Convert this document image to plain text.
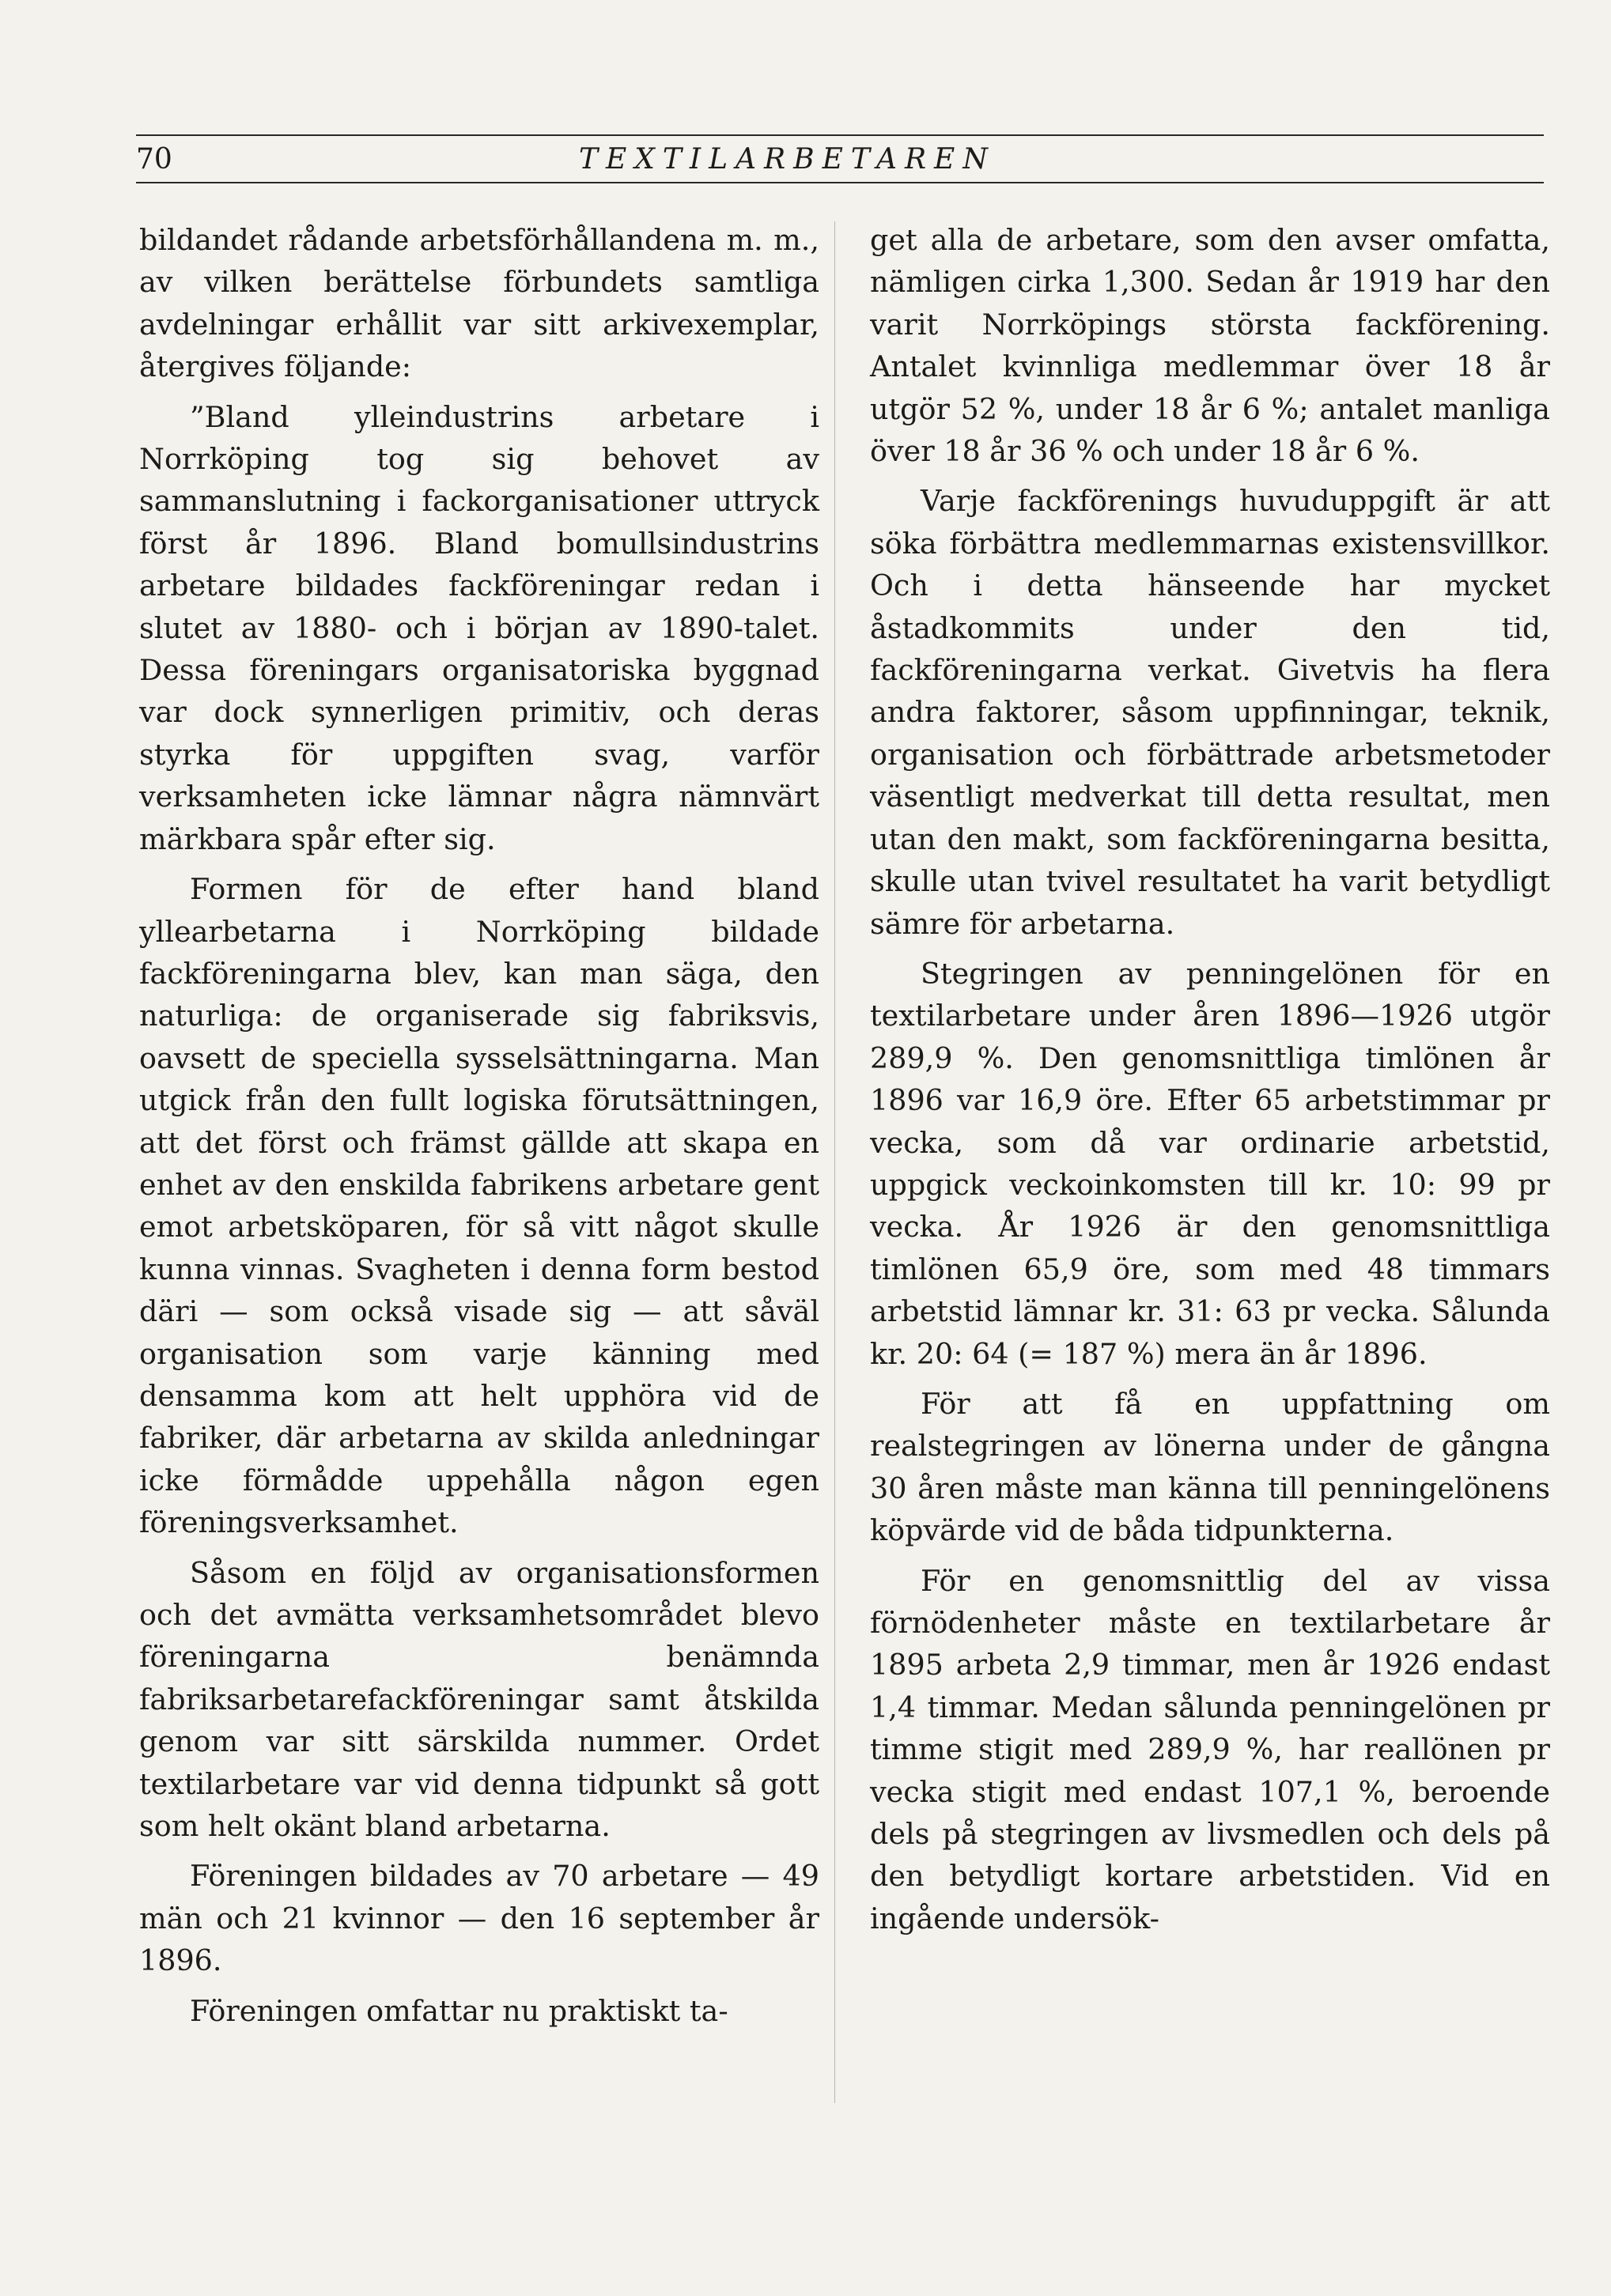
70	TEXTILARBETAREN

bildandet rådande arbetsförhållandena m. m., av vilken berättelse förbundets samtliga avdelningar erhållit var sitt arkivexemplar, återgives följande:

”Bland ylleindustrins arbetare i Norrköping tog sig behovet av sammanslutning i fackorganisationer uttryck först år 1896. Bland bomullsindustrins arbetare bildades fackföreningar redan i slutet av 1880- och i början av 1890-talet. Dessa föreningars organisatoriska byggnad var dock synnerligen primitiv, och deras styrka för uppgiften svag, varför verksamheten icke lämnar några nämnvärt märkbara spår efter sig.

Formen för de efter hand bland yllearbetarna i Norrköping bildade fackföreningarna blev, kan man säga, den naturliga: de organiserade sig fabriksvis, oavsett de speciella sysselsättningarna. Man utgick från den fullt logiska förutsättningen, att det först och främst gällde att skapa en enhet av den enskilda fabrikens arbetare gent emot arbetsköparen, för så vitt något skulle kunna vinnas. Svagheten i denna form bestod däri — som också visade sig — att såväl organisation som varje känning med densamma kom att helt upphöra vid de fabriker, där arbetarna av skilda anledningar icke förmådde uppehålla någon egen föreningsverksamhet.

Såsom en följd av organisationsformen och det avmätta verksamhetsområdet blevo föreningarna benämnda fabriksarbetarefackföreningar samt åtskilda genom var sitt särskilda nummer. Ordet textilarbetare var vid denna tidpunkt så gott som helt okänt bland arbetarna.

Föreningen bildades av 70 arbetare — 49 män och 21 kvinnor — den 16 september år 1896.

Föreningen omfattar nu praktiskt ta-

get alla de arbetare, som den avser omfatta, nämligen cirka 1,300. Sedan år 1919 har den varit Norrköpings största fackförening. Antalet kvinnliga medlemmar över 18 år utgör 52 %, under 18 år 6 %; antalet manliga över 18 år 36 % och under 18 år 6 %.

Varje fackförenings huvuduppgift är att söka förbättra medlemmarnas existensvillkor. Och i detta hänseende har mycket åstadkommits under den tid, fackföreningarna verkat. Givetvis ha flera andra faktorer, såsom uppfinningar, teknik, organisation och förbättrade arbetsmetoder väsentligt medverkat till detta resultat, men utan den makt, som fackföreningarna besitta, skulle utan tvivel resultatet ha varit betydligt sämre för arbetarna.

Stegringen av penningelönen för en textilarbetare under åren 1896—1926 utgör 289,9 %. Den genomsnittliga timlönen år 1896 var 16,9 öre. Efter 65 arbetstimmar pr vecka, som då var ordinarie arbetstid, uppgick veckoinkomsten till kr. 10: 99 pr vecka. År 1926 är den genomsnittliga timlönen 65,9 öre, som med 48 timmars arbetstid lämnar kr. 31: 63 pr vecka. Sålunda kr. 20: 64 (= 187 %) mera än år 1896.

För att få en uppfattning om realstegringen av lönerna under de gångna 30 åren måste man känna till penningelönens köpvärde vid de båda tidpunkterna.

För en genomsnittlig del av vissa förnödenheter måste en textilarbetare år 1895 arbeta 2,9 timmar, men år 1926 endast 1,4 timmar. Medan sålunda penningelönen pr timme stigit med 289,9 %, har reallönen pr vecka stigit med endast 107,1 %, beroende dels på stegringen av livsmedlen och dels på den betydligt kortare arbetstiden. Vid en ingående undersök-
